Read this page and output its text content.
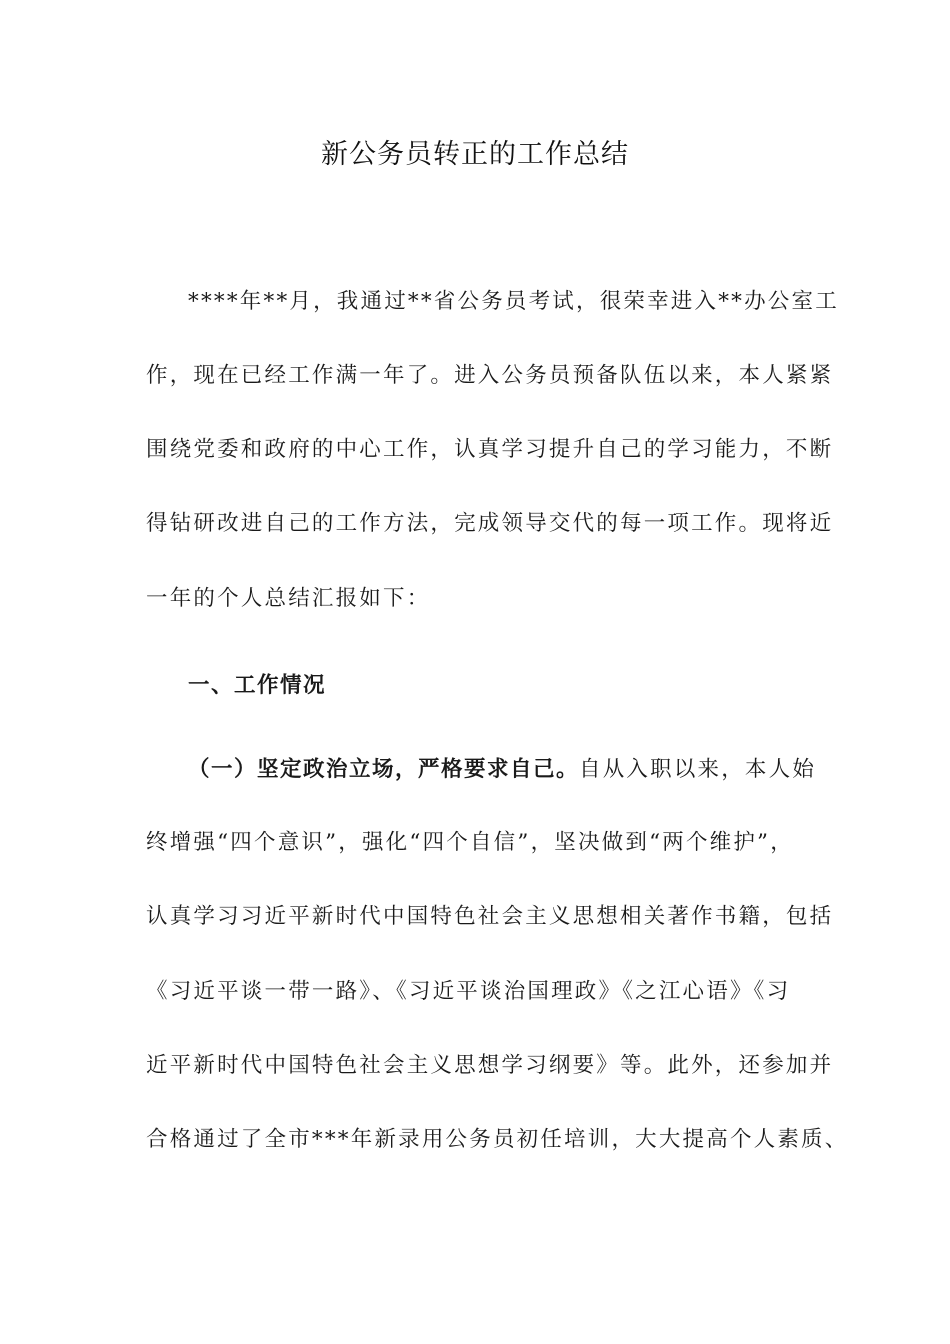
新公务员转正的工作总结
****年**月，我通过**省公务员考试，很荣幸进入**办公室工
作，现在已经工作满一年了。进入公务员预备队伍以来，本人紧紧
围绕党委和政府的中心工作，认真学习提升自己的学习能力，不断
得钻研改进自己的工作方法，完成领导交代的每一项工作。现将近
一年的个人总结汇报如下：
一、工作情况
（一）坚定政治立场，严格要求自己。自从入职以来，本人始
终增强“四个意识”，强化“四个自信”，坚决做到“两个维护”，
认真学习习近平新时代中国特色社会主义思想相关著作书籍，包括
《习近平谈一带一路》、《习近平谈治国理政》《之江心语》《习
近平新时代中国特色社会主义思想学习纲要》等。此外，还参加并
合格通过了全市***年新录用公务员初任培训，大大提高个人素质、
